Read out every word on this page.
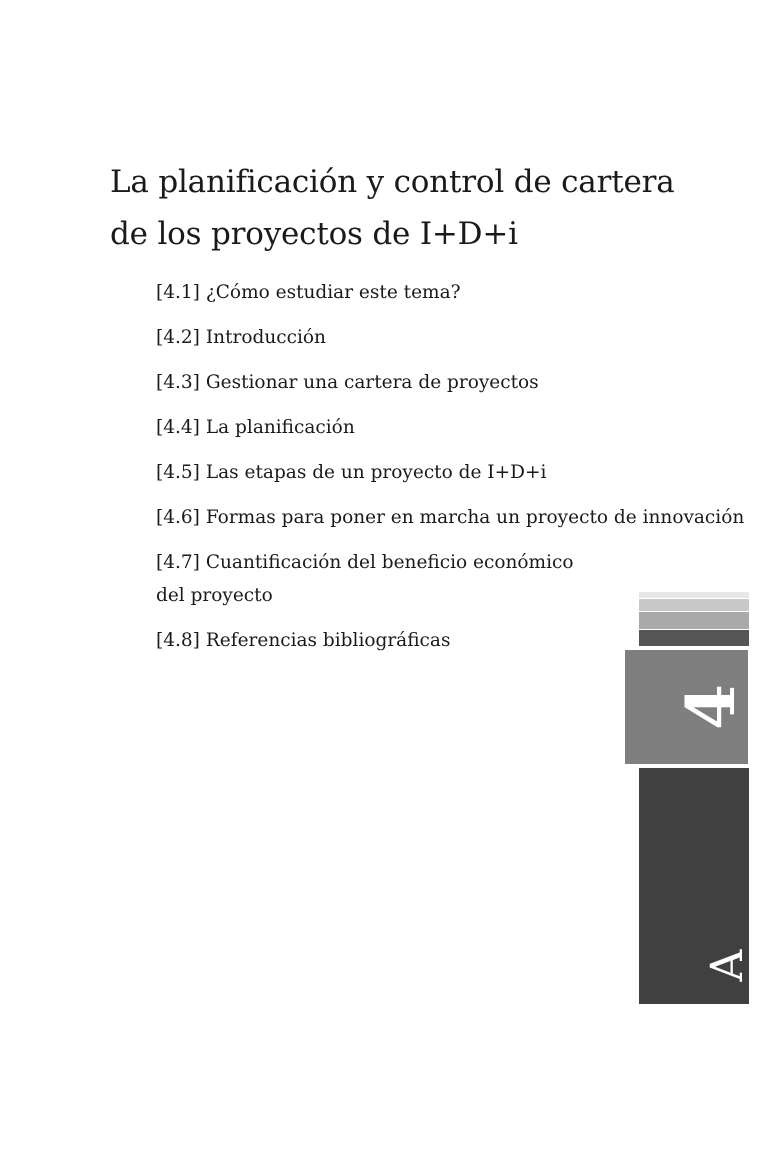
La planificación y control de cartera de los proyectos de I+D+i
[4.1] ¿Cómo estudiar este tema?
[4.2] Introducción
[4.3] Gestionar una cartera de proyectos
[4.4] La planificación
[4.5] Las etapas de un proyecto de I+D+i
[4.6] Formas para poner en marcha un proyecto de innovación
[4.7] Cuantificación del beneficio económico del proyecto
[4.8] Referencias bibliográficas
4
TEMA
